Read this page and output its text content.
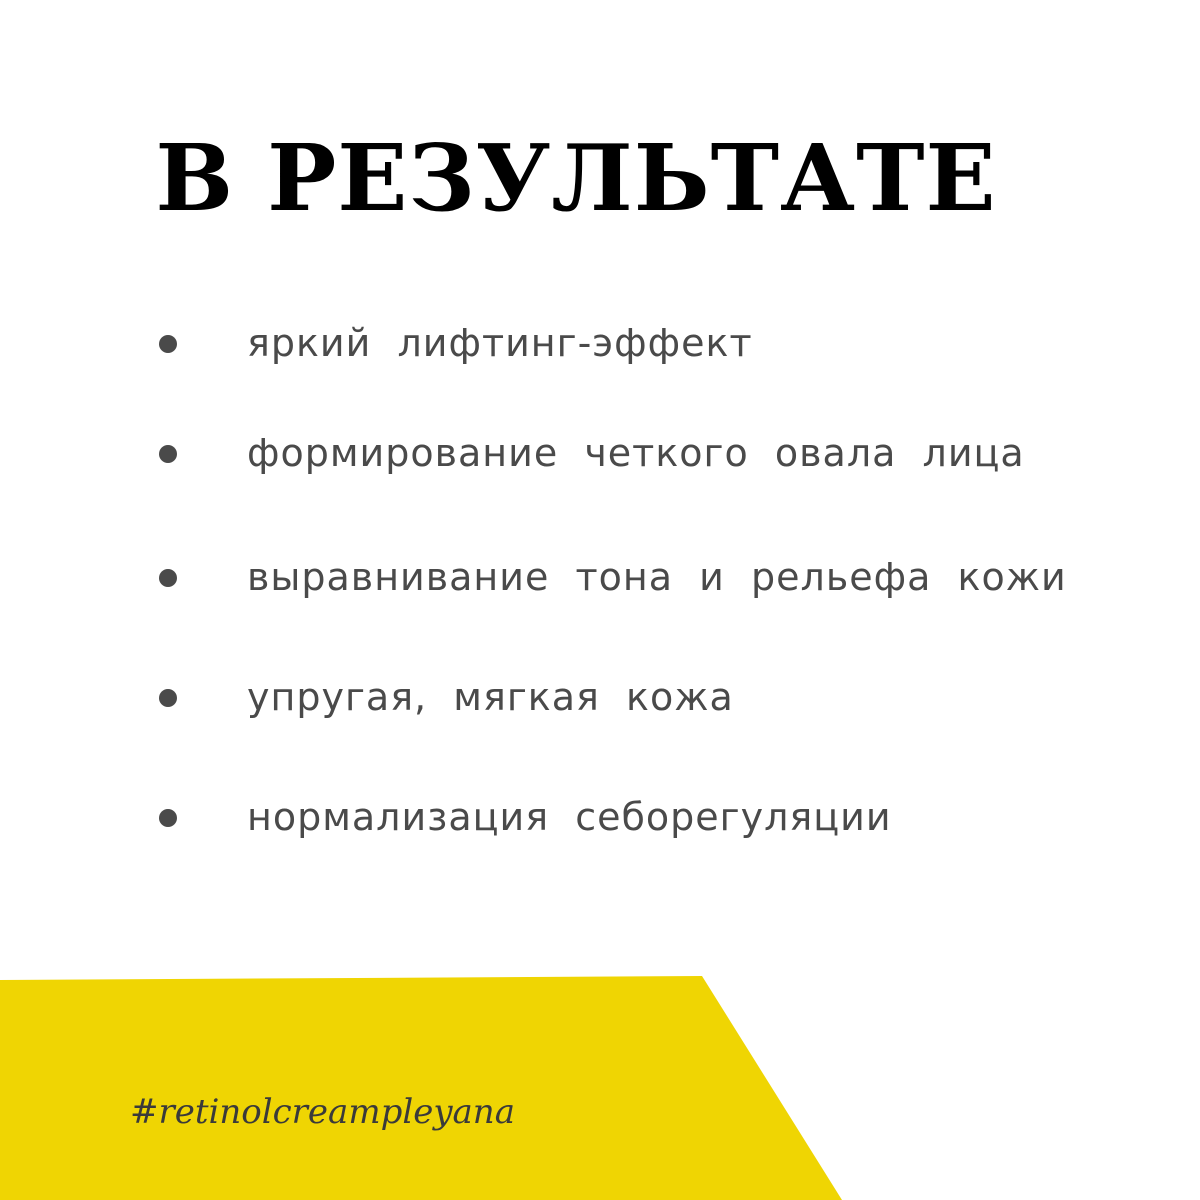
В РЕЗУЛЬТАТЕ
яркий  лифтинг-эффект
формирование  четкого  овала  лица
выравнивание  тона  и  рельефа  кожи
упругая,  мягкая  кожа
нормализация  себорегуляции
#retinolcreampleyana
